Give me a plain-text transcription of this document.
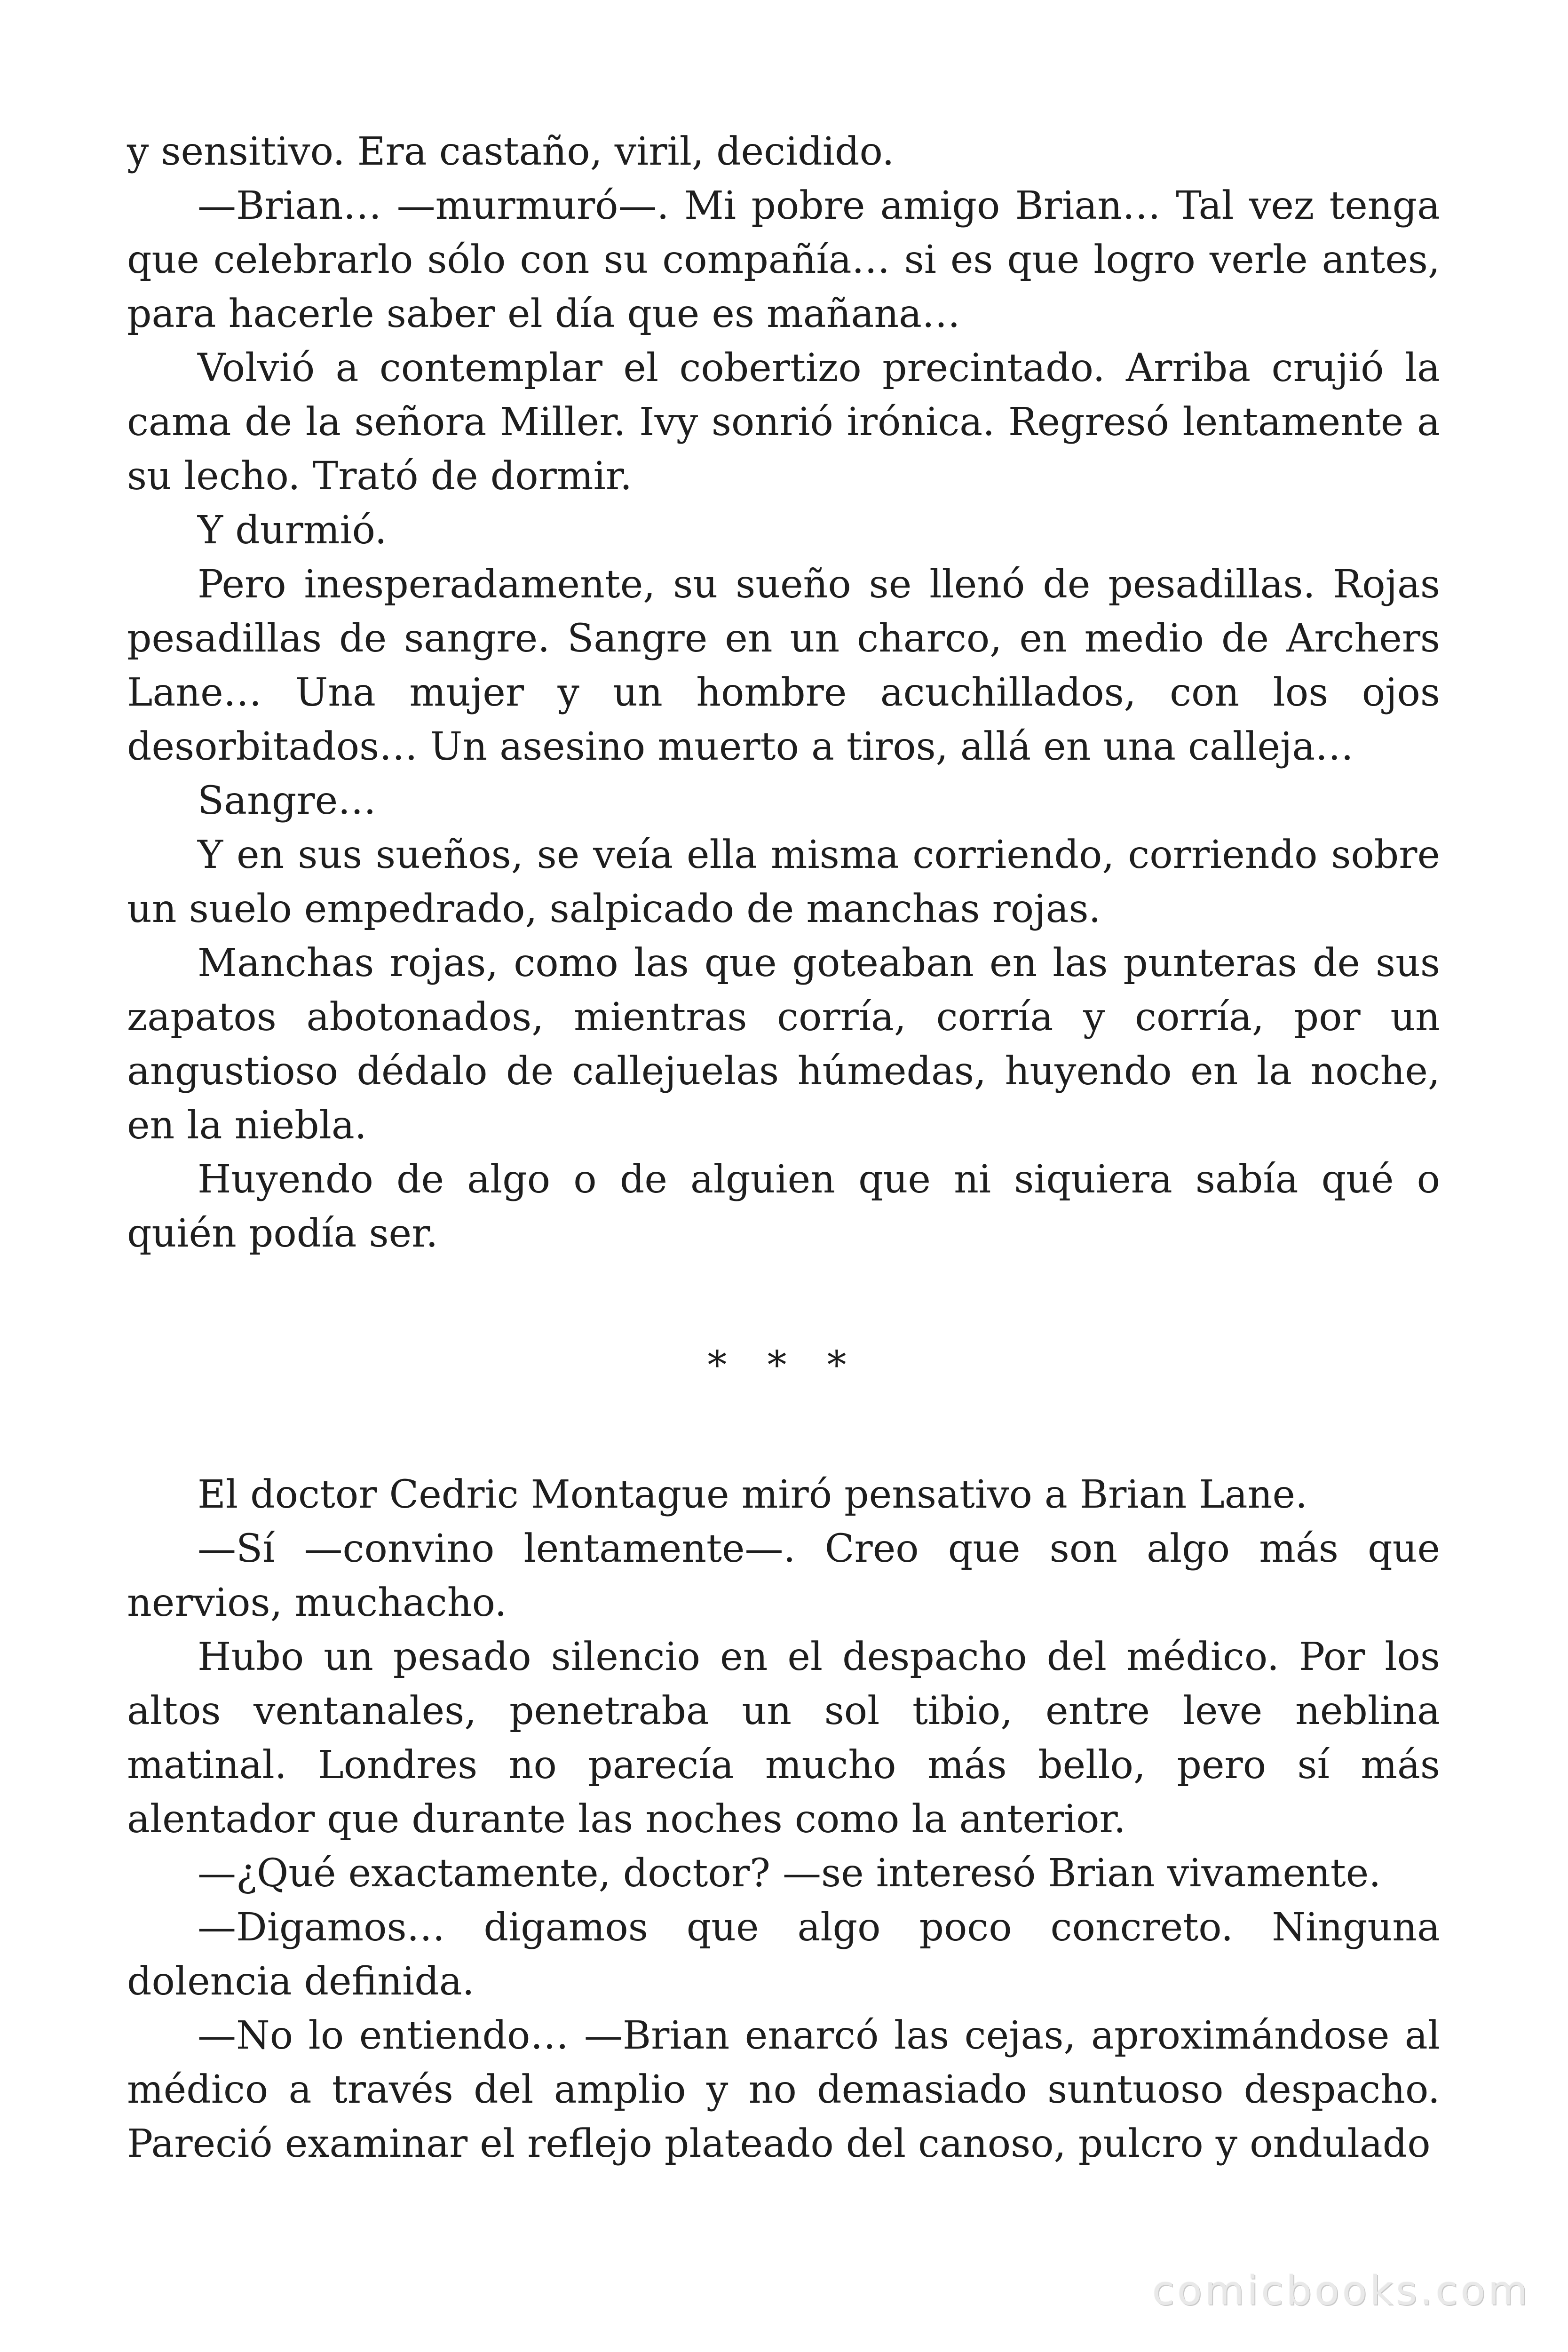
y sensitivo. Era castaño, viril, decidido.

—Brian… —murmuró—. Mi pobre amigo Brian… Tal vez tenga que celebrarlo sólo con su compañía… si es que logro verle antes, para hacerle saber el día que es mañana…

Volvió a contemplar el cobertizo precintado. Arriba crujió la cama de la señora Miller. Ivy sonrió irónica. Regresó lentamente a su lecho. Trató de dormir.

Y durmió.

Pero inesperadamente, su sueño se llenó de pesadillas. Rojas pesadillas de sangre. Sangre en un charco, en medio de Archers Lane… Una mujer y un hombre acuchillados, con los ojos desorbitados… Un asesino muerto a tiros, allá en una calleja…

Sangre…

Y en sus sueños, se veía ella misma corriendo, corriendo sobre un suelo empedrado, salpicado de manchas rojas.

Manchas rojas, como las que goteaban en las punteras de sus zapatos abotonados, mientras corría, corría y corría, por un angustioso dédalo de callejuelas húmedas, huyendo en la noche, en la niebla.

Huyendo de algo o de alguien que ni siquiera sabía qué o quién podía ser.

* * *

El doctor Cedric Montague miró pensativo a Brian Lane.

—Sí —convino lentamente—. Creo que son algo más que nervios, muchacho.

Hubo un pesado silencio en el despacho del médico. Por los altos ventanales, penetraba un sol tibio, entre leve neblina matinal. Londres no parecía mucho más bello, pero sí más alentador que durante las noches como la anterior.

—¿Qué exactamente, doctor? —se interesó Brian vivamente.

—Digamos… digamos que algo poco concreto. Ninguna dolencia definida.

—No lo entiendo… —Brian enarcó las cejas, aproximándose al médico a través del amplio y no demasiado suntuoso despacho. Pareció examinar el reflejo plateado del canoso, pulcro y ondulado

comicbooks.com
